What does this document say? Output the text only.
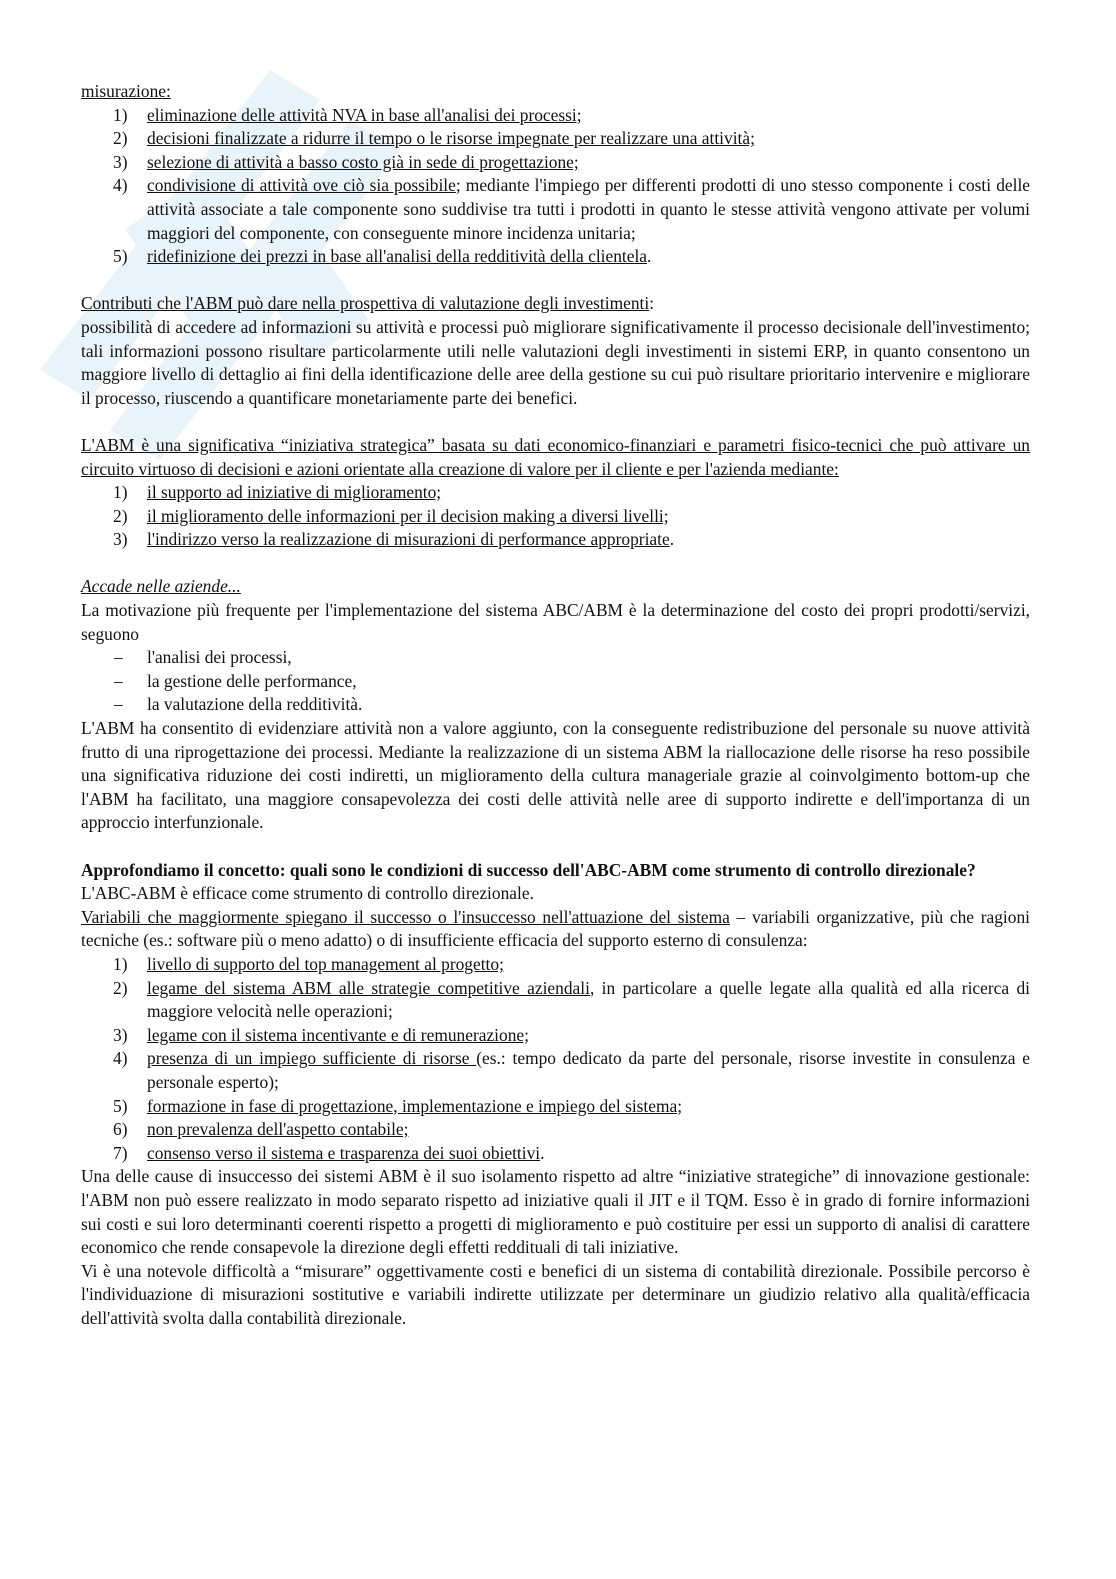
misurazione:

1)	eliminazione delle attività NVA in base all'analisi dei processi;
2)	decisioni finalizzate a ridurre il tempo o le risorse impegnate per realizzare una attività;
3)	selezione di attività a basso costo già in sede di progettazione;
4)	condivisione di attività ove ciò sia possibile; mediante l'impiego per differenti prodotti di uno stesso componente i costi delle attività associate a tale componente sono suddivise tra tutti i prodotti in quanto le stesse attività vengono attivate per volumi maggiori del componente, con conseguente minore incidenza unitaria;
5)	ridefinizione dei prezzi in base all'analisi della redditività della clientela.

Contributi che l'ABM può dare nella prospettiva di valutazione degli investimenti:

possibilità di accedere ad informazioni su attività e processi può migliorare significativamente il processo decisionale dell'investimento; tali informazioni possono risultare particolarmente utili nelle valutazioni degli investimenti in sistemi ERP, in quanto consentono un maggiore livello di dettaglio ai fini della identificazione delle aree della gestione su cui può risultare prioritario intervenire e migliorare il processo, riuscendo a quantificare monetariamente parte dei benefici.

L'ABM è una significativa “iniziativa strategica” basata su dati economico-finanziari e parametri fisico-tecnici che può attivare un circuito virtuoso di decisioni e azioni orientate alla creazione di valore per il cliente e per l'azienda mediante:

1)	il supporto ad iniziative di miglioramento;
2)	il miglioramento delle informazioni per il decision making a diversi livelli;
3)	l'indirizzo verso la realizzazione di misurazioni di performance appropriate.

Accade nelle aziende...

La motivazione più frequente per l'implementazione del sistema ABC/ABM è la determinazione del costo dei propri prodotti/servizi, seguono

–	l'analisi dei processi,
–	la gestione delle performance,
–	la valutazione della redditività.

L'ABM ha consentito di evidenziare attività non a valore aggiunto, con la conseguente redistribuzione del personale su nuove attività frutto di una riprogettazione dei processi. Mediante la realizzazione di un sistema ABM la riallocazione delle risorse ha reso possibile una significativa riduzione dei costi indiretti, un miglioramento della cultura manageriale grazie al coinvolgimento bottom-up che l'ABM ha facilitato, una maggiore consapevolezza dei costi delle attività nelle aree di supporto indirette e dell'importanza di un approccio interfunzionale.

Approfondiamo il concetto: quali sono le condizioni di successo dell'ABC-ABM come strumento di controllo direzionale?

L'ABC-ABM è efficace come strumento di controllo direzionale.

Variabili che maggiormente spiegano il successo o l'insuccesso nell'attuazione del sistema – variabili organizzative, più che ragioni tecniche (es.: software più o meno adatto) o di insufficiente efficacia del supporto esterno di consulenza:

1)	livello di supporto del top management al progetto;
2)	legame del sistema ABM alle strategie competitive aziendali, in particolare a quelle legate alla qualità ed alla ricerca di maggiore velocità nelle operazioni;
3)	legame con il sistema incentivante e di remunerazione;
4)	presenza di un impiego sufficiente di risorse (es.: tempo dedicato da parte del personale, risorse investite in consulenza e personale esperto);
5)	formazione in fase di progettazione, implementazione e impiego del sistema;
6)	non prevalenza dell'aspetto contabile;
7)	consenso verso il sistema e trasparenza dei suoi obiettivi.

Una delle cause di insuccesso dei sistemi ABM è il suo isolamento rispetto ad altre “iniziative strategiche” di innovazione gestionale: l'ABM non può essere realizzato in modo separato rispetto ad iniziative quali il JIT e il TQM. Esso è in grado di fornire informazioni sui costi e sui loro determinanti coerenti rispetto a progetti di miglioramento e può costituire per essi un supporto di analisi di carattere economico che rende consapevole la direzione degli effetti reddituali di tali iniziative.

Vi è una notevole difficoltà a “misurare” oggettivamente costi e benefici di un sistema di contabilità direzionale. Possibile percorso è l'individuazione di misurazioni sostitutive e variabili indirette utilizzate per determinare un giudizio relativo alla qualità/efficacia dell'attività svolta dalla contabilità direzionale.
